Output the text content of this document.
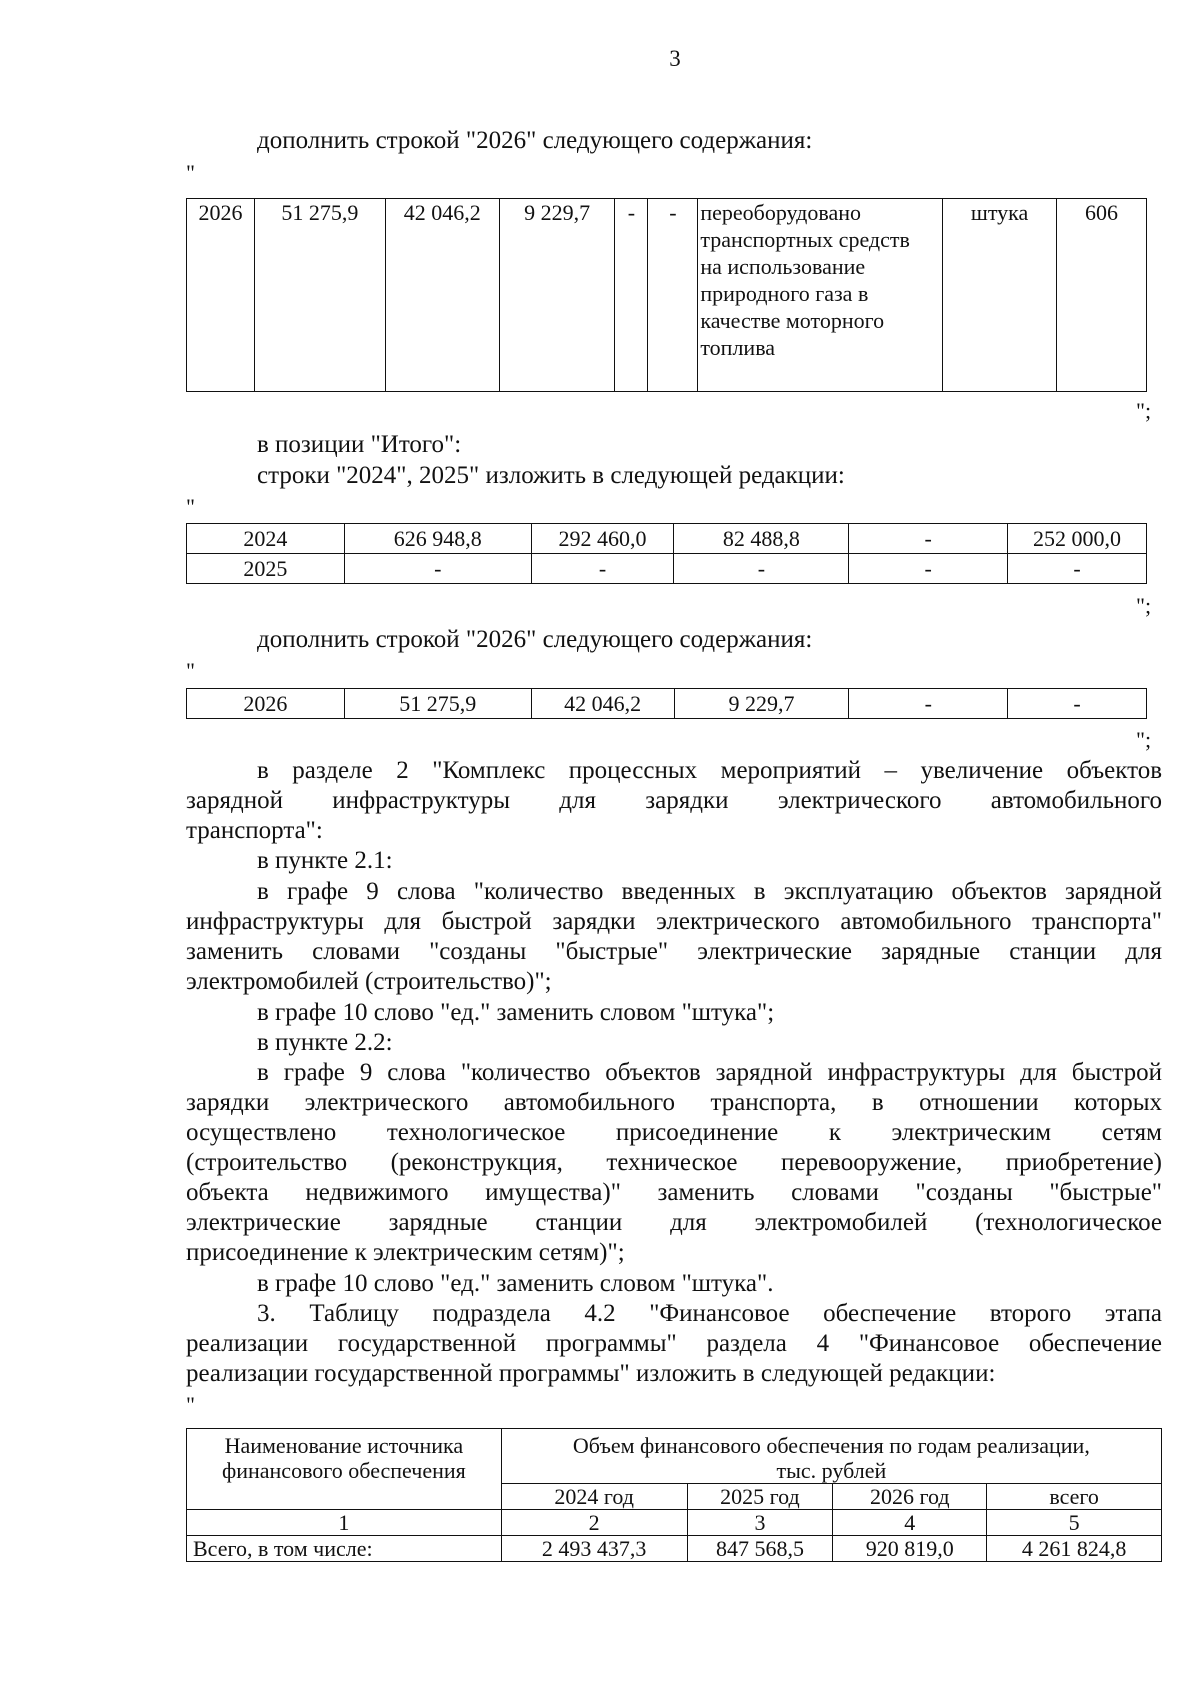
3
дополнить строкой "2026" следующего содержания:
"
2026	51 275,9	42 046,2	9 229,7	-	-	переоборудовано транспортных средств на использование природного газа в качестве моторного топлива	штука	606
";
в позиции "Итого":
строки "2024", 2025" изложить в следующей редакции:
"
2024	626 948,8	292 460,0	82 488,8	-	252 000,0
2025	-	-	-	-	-
";
дополнить строкой "2026" следующего содержания:
"
2026	51 275,9	42 046,2	9 229,7	-	-
";
в разделе 2 "Комплекс процессных мероприятий – увеличение объектов
зарядной инфраструктуры для зарядки электрического автомобильного
транспорта":
в пункте 2.1:
в графе 9 слова "количество введенных в эксплуатацию объектов зарядной
инфраструктуры для быстрой зарядки электрического автомобильного транспорта"
заменить словами "созданы "быстрые" электрические зарядные станции для
электромобилей (строительство)";
в графе 10 слово "ед." заменить словом "штука";
в пункте 2.2:
в графе 9 слова "количество объектов зарядной инфраструктуры для быстрой
зарядки электрического автомобильного транспорта, в отношении которых
осуществлено технологическое присоединение к электрическим сетям
(строительство (реконструкция, техническое перевооружение, приобретение)
объекта недвижимого имущества)" заменить словами "созданы "быстрые"
электрические зарядные станции для электромобилей (технологическое
присоединение к электрическим сетям)";
в графе 10 слово "ед." заменить словом "штука".
3. Таблицу подраздела 4.2 "Финансовое обеспечение второго этапа
реализации государственной программы" раздела 4 "Финансовое обеспечение
реализации государственной программы" изложить в следующей редакции:
"
Наименование источника финансового обеспечения	Объем финансового обеспечения по годам реализации, тыс. рублей			
	2024 год	2025 год	2026 год	всего
1	2	3	4	5
Всего, в том числе:	2 493 437,3	847 568,5	920 819,0	4 261 824,8
